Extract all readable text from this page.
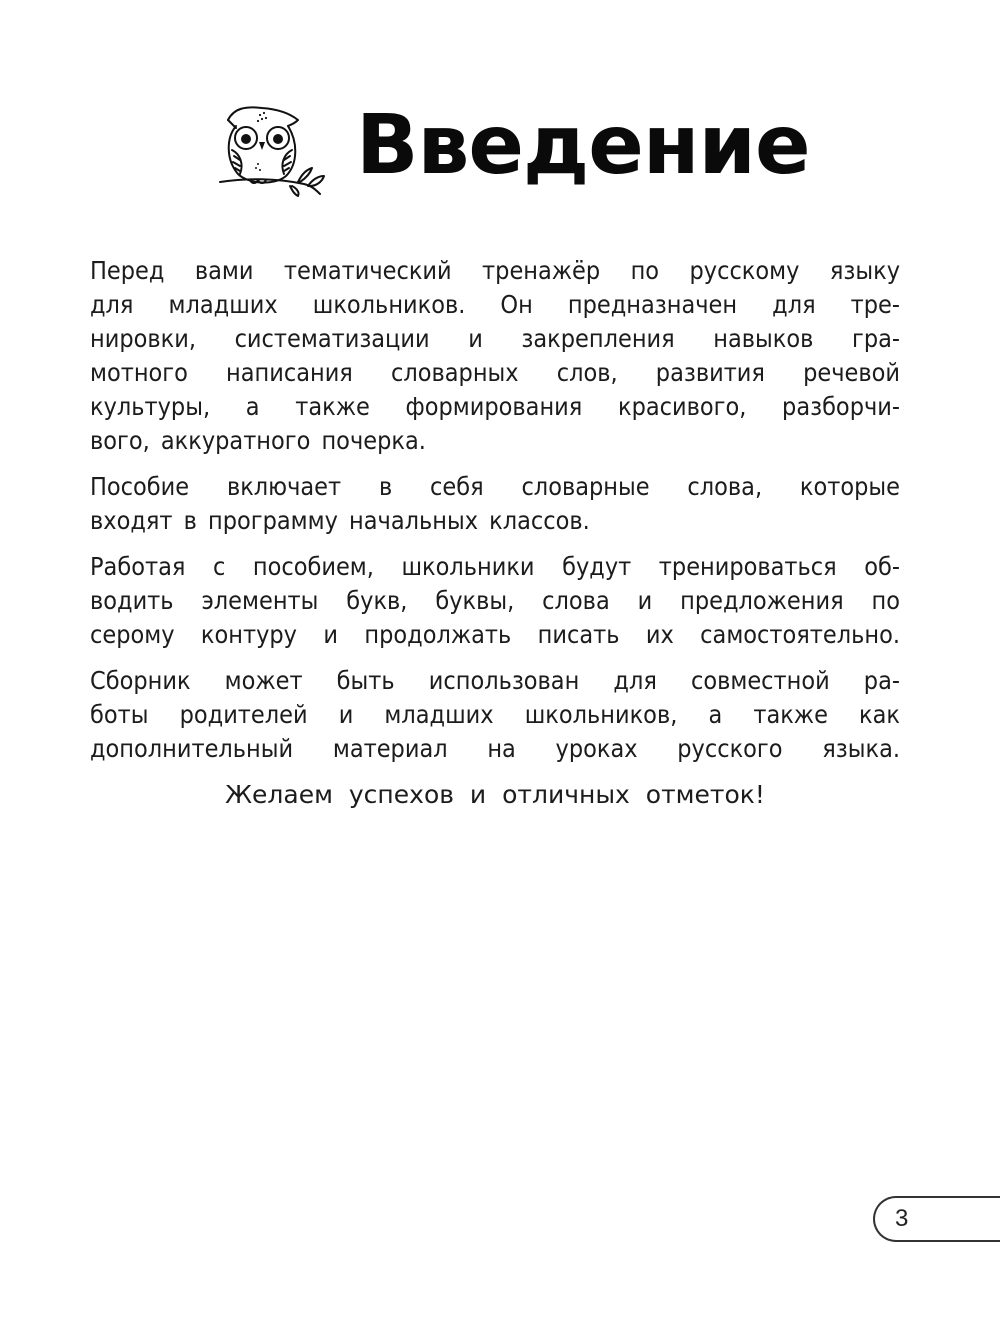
Введение

Перед вами тематический тренажёр по русскому языку
для младших школьников. Он предназначен для тре-
нировки, систематизации и закрепления навыков гра-
мотного написания словарных слов, развития речевой
культуры, а также формирования красивого, разборчи-
вого, аккуратного почерка.

Пособие включает в себя словарные слова, которые
входят в программу начальных классов.

Работая с пособием, школьники будут тренироваться об-
водить элементы букв, буквы, слова и предложения по
серому контуру и продолжать писать их самостоятельно.

Сборник может быть использован для совместной ра-
боты родителей и младших школьников, а также как
дополнительный материал на уроках русского языка.

Желаем успехов и отличных отметок!
3
